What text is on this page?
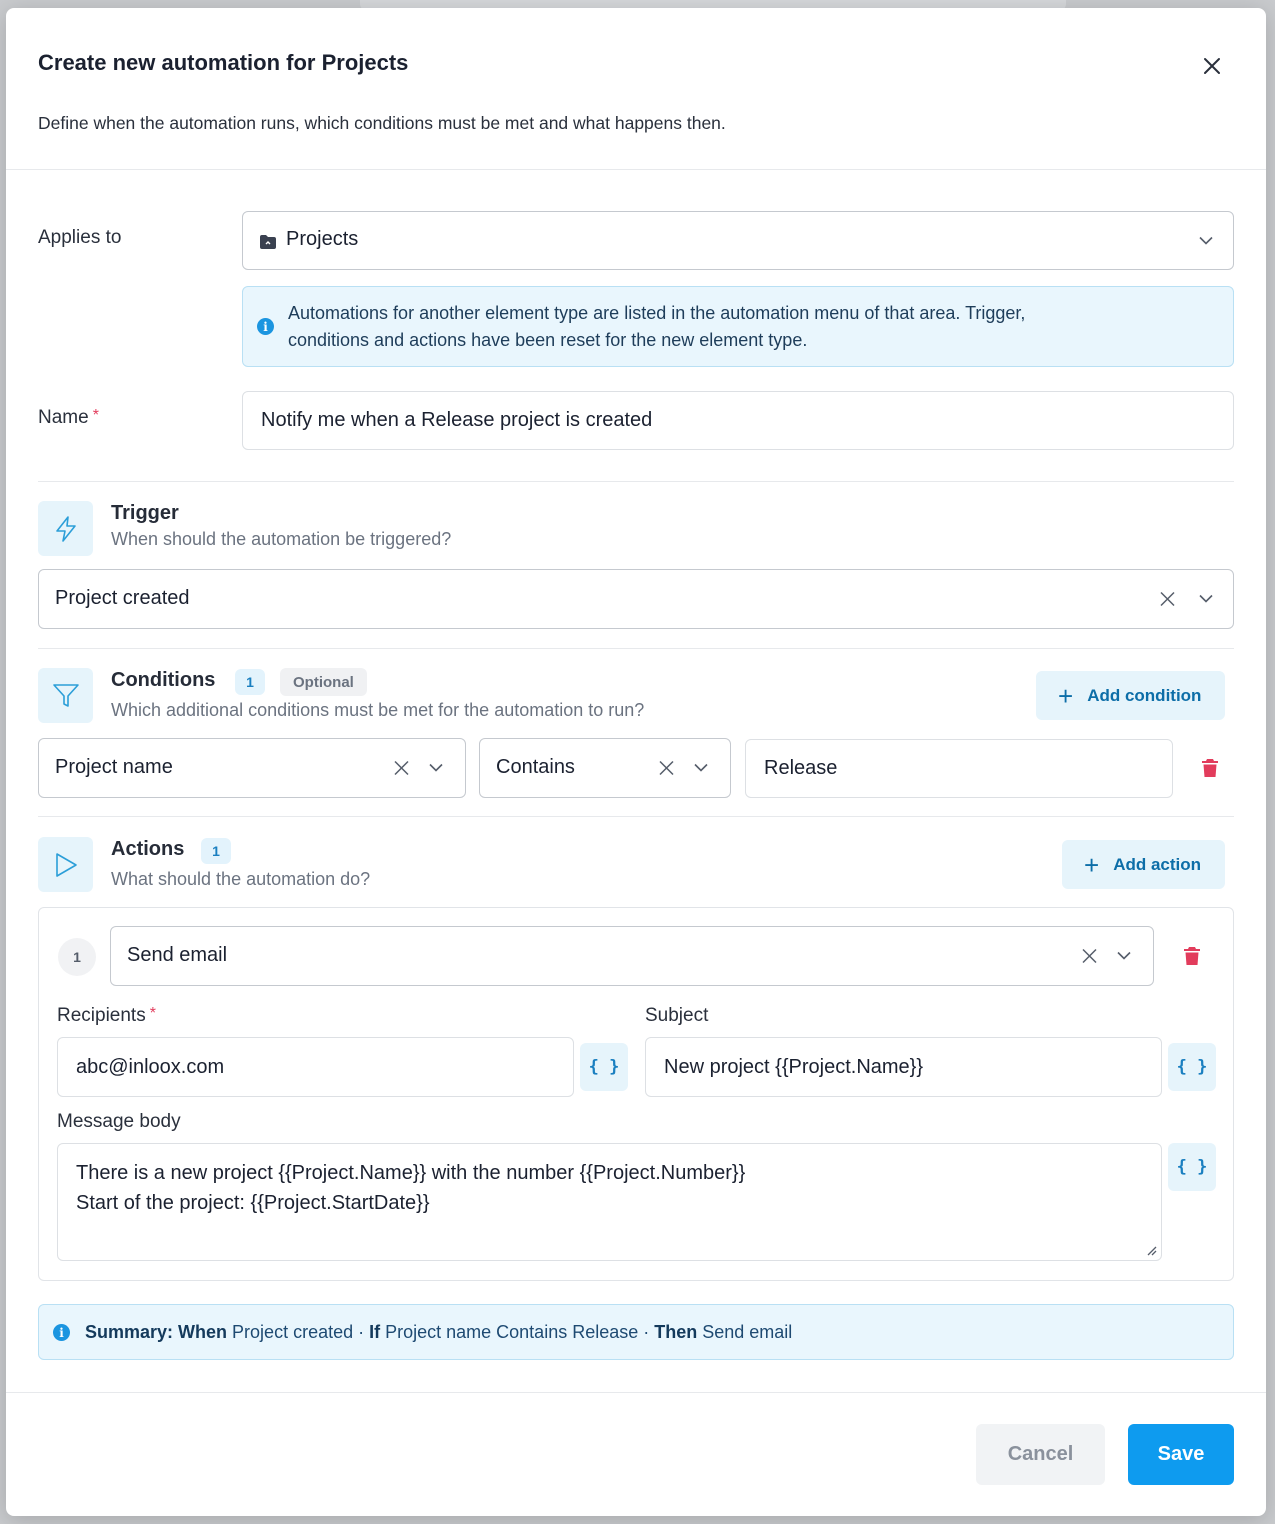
Create new automation for Projects
Define when the automation runs, which conditions must be met and what happens then.
Applies to	Projects
i
Automations for another element type are listed in the automation menu of that area. Trigger,
conditions and actions have been reset for the new element type.
Name *	Notify me when a Release project is created
Trigger
When should the automation be triggered?
Project created
Conditions	1	Optional
Which additional conditions must be met for the automation to run?	+ Add condition
Project name	Contains	Release
Actions	1
What should the automation do?	+ Add action
1	Send email
Recipients *
abc@inloox.com	{ }
Subject
New project {{Project.Name}}	{ }
Message body
There is a new project {{Project.Name}} with the number {{Project.Number}}
Start of the project: {{Project.StartDate}}
{ }
i	Summary:
When Project created · If Project name Contains Release · Then Send email
Cancel	Save
